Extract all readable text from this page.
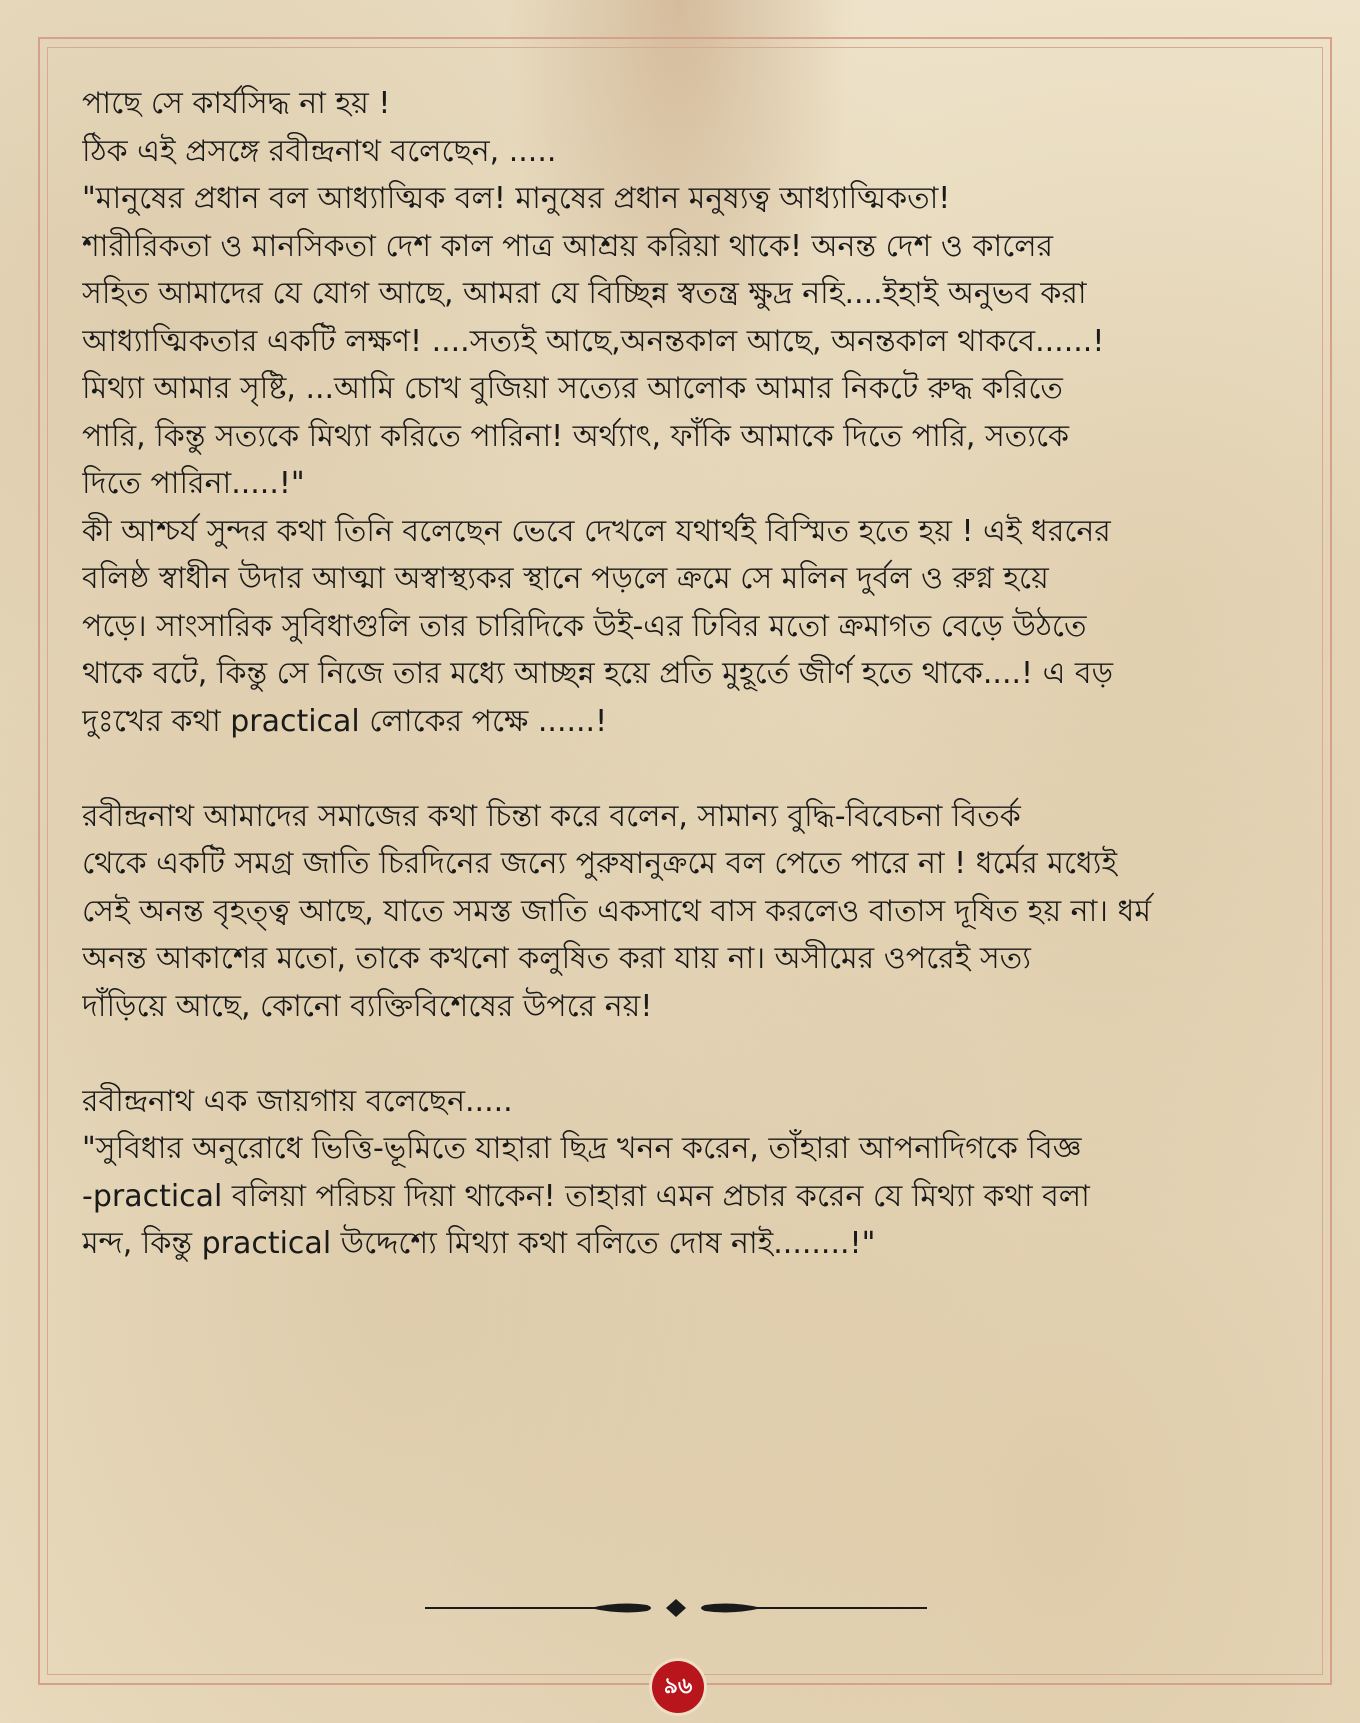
পাছে সে কার্যসিদ্ধ না হয় !
ঠিক এই প্রসঙ্গে রবীন্দ্রনাথ বলেছেন, .....
"মানুষের প্রধান বল আধ্যাত্মিক বল! মানুষের প্রধান মনুষ্যত্ব আধ্যাত্মিকতা!
শারীরিকতা ও মানসিকতা দেশ কাল পাত্র আশ্রয় করিয়া থাকে! অনন্ত দেশ ও কালের
সহিত আমাদের যে যোগ আছে, আমরা যে বিচ্ছিন্ন স্বতন্ত্র ক্ষুদ্র নহি....ইহাই অনুভব করা
আধ্যাত্মিকতার একটি লক্ষণ! ....সত্যই আছে,অনন্তকাল আছে, অনন্তকাল থাকবে......!
মিথ্যা আমার সৃষ্টি, ...আমি চোখ বুজিয়া সত্যের আলোক আমার নিকটে রুদ্ধ করিতে
পারি, কিন্তু সত্যকে মিথ্যা করিতে পারিনা! অর্থ্যাৎ, ফাঁকি আমাকে দিতে পারি, সত্যকে
দিতে পারিনা.....!"
কী আশ্চর্য সুন্দর কথা তিনি বলেছেন ভেবে দেখলে যথার্থই বিস্মিত হতে হয় ! এই ধরনের
বলিষ্ঠ স্বাধীন উদার আত্মা অস্বাস্থ্যকর স্থানে পড়লে ক্রমে সে মলিন দুর্বল ও রুগ্ন হয়ে
পড়ে। সাংসারিক সুবিধাগুলি তার চারিদিকে উই-এর ঢিবির মতো ক্রমাগত বেড়ে উঠতে
থাকে বটে, কিন্তু সে নিজে তার মধ্যে আচ্ছন্ন হয়ে প্রতি মুহূর্তে জীর্ণ হতে থাকে....! এ বড়
দুঃখের কথা practical লোকের পক্ষে ......!
রবীন্দ্রনাথ আমাদের সমাজের কথা চিন্তা করে বলেন, সামান্য বুদ্ধি-বিবেচনা বিতর্ক
থেকে একটি সমগ্র জাতি চিরদিনের জন্যে পুরুষানুক্রমে বল পেতে পারে না ! ধর্মের মধ্যেই
সেই অনন্ত বৃহত্ত্ব আছে, যাতে সমস্ত জাতি একসাথে বাস করলেও বাতাস দূষিত হয় না। ধর্ম
অনন্ত আকাশের মতো, তাকে কখনো কলুষিত করা যায় না। অসীমের ওপরেই সত্য
দাঁড়িয়ে আছে, কোনো ব্যক্তিবিশেষের উপরে নয়!
রবীন্দ্রনাথ এক জায়গায় বলেছেন.....
"সুবিধার অনুরোধে ভিত্তি-ভূমিতে যাহারা ছিদ্র খনন করেন, তাঁহারা আপনাদিগকে বিজ্ঞ
-practical বলিয়া পরিচয় দিয়া থাকেন! তাহারা এমন প্রচার করেন যে মিথ্যা কথা বলা
মন্দ, কিন্তু practical উদ্দেশ্যে মিথ্যা কথা বলিতে দোষ নাই........!"
৯৬
